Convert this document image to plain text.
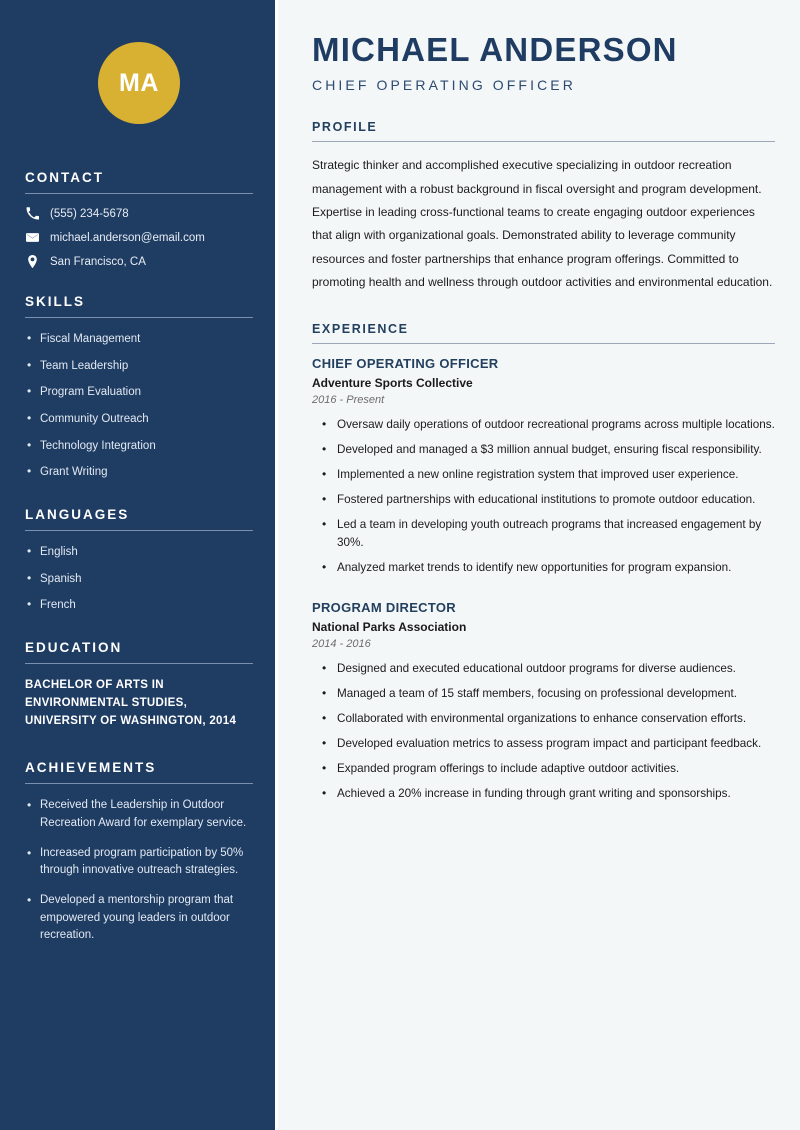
MA
CONTACT
(555) 234-5678
michael.anderson@email.com
San Francisco, CA
SKILLS
• Fiscal Management
• Team Leadership
• Program Evaluation
• Community Outreach
• Technology Integration
• Grant Writing
LANGUAGES
• English
• Spanish
• French
EDUCATION
BACHELOR OF ARTS IN ENVIRONMENTAL STUDIES, UNIVERSITY OF WASHINGTON, 2014
ACHIEVEMENTS
• Received the Leadership in Outdoor Recreation Award for exemplary service.
• Increased program participation by 50% through innovative outreach strategies.
• Developed a mentorship program that empowered young leaders in outdoor recreation.
MICHAEL ANDERSON
CHIEF OPERATING OFFICER
PROFILE

Strategic thinker and accomplished executive specializing in outdoor recreation management with a robust background in fiscal oversight and program development. Expertise in leading cross-functional teams to create engaging outdoor experiences that align with organizational goals. Demonstrated ability to leverage community resources and foster partnerships that enhance program offerings. Committed to promoting health and wellness through outdoor activities and environmental education.

EXPERIENCE
CHIEF OPERATING OFFICER
Adventure Sports Collective
2016 - Present
• Oversaw daily operations of outdoor recreational programs across multiple locations.
• Developed and managed a $3 million annual budget, ensuring fiscal responsibility.
• Implemented a new online registration system that improved user experience.
• Fostered partnerships with educational institutions to promote outdoor education.
• Led a team in developing youth outreach programs that increased engagement by 30%.
• Analyzed market trends to identify new opportunities for program expansion.
PROGRAM DIRECTOR
National Parks Association
2014 - 2016
• Designed and executed educational outdoor programs for diverse audiences.
• Managed a team of 15 staff members, focusing on professional development.
• Collaborated with environmental organizations to enhance conservation efforts.
• Developed evaluation metrics to assess program impact and participant feedback.
• Expanded program offerings to include adaptive outdoor activities.
• Achieved a 20% increase in funding through grant writing and sponsorships.
